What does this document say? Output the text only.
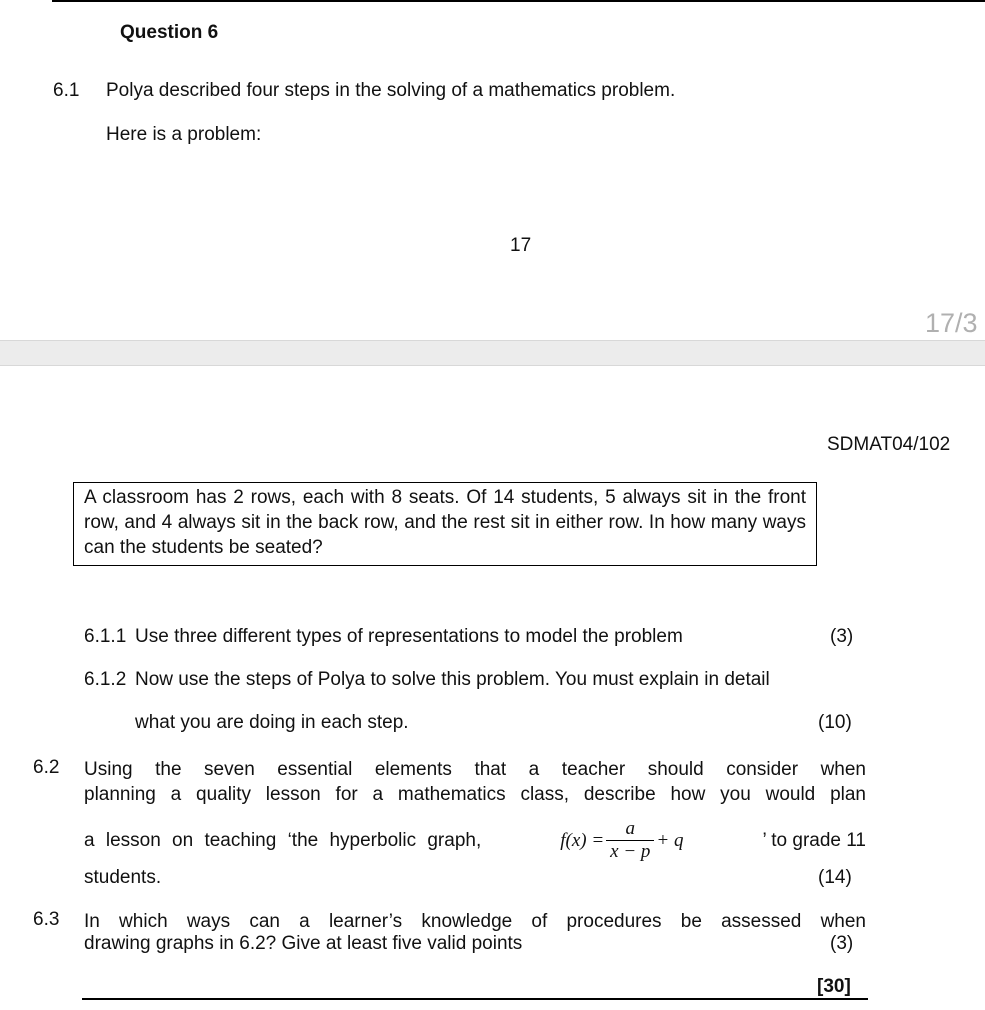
Question 6
6.1 Polya described four steps in the solving of a mathematics problem.
Here is a problem:
17
17/3
SDMAT04/102
A classroom has 2 rows, each with 8 seats. Of 14 students, 5 always sit in the front row, and 4 always sit in the back row, and the rest sit in either row. In how many ways can the students be seated?
6.1.1 Use three different types of representations to model the problem	(3)
6.1.2 Now use the steps of Polya to solve this problem. You must explain in detail
what you are doing in each step.	(10)
6.2 Using the seven essential elements that a teacher should consider when
planning a quality lesson for a mathematics class, describe how you would plan
a lesson on teaching ‘the hyperbolic graph,	$f(x) = \frac{a}{x - p} + q$	’ to grade 11
students.	(14)
6.3 In which ways can a learner’s knowledge of procedures be assessed when
drawing graphs in 6.2? Give at least five valid points	(3)
[30]
